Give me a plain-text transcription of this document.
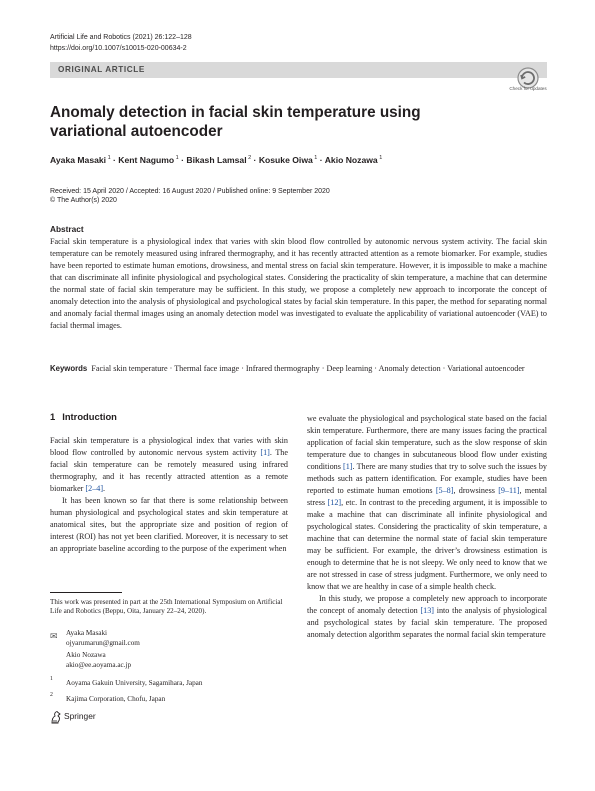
Artificial Life and Robotics (2021) 26:122–128
https://doi.org/10.1007/s10015-020-00634-2
ORIGINAL ARTICLE
Check for updates
Anomaly detection in facial skin temperature using variational autoencoder
Ayaka Masaki $^1$ · Kent Nagumo $^1$ · Bikash Lamsal $^2$ · Kosuke Oiwa $^1$ · Akio Nozawa $^1$
Received: 15 April 2020 / Accepted: 16 August 2020 / Published online: 9 September 2020
© The Author(s) 2020
Abstract
Facial skin temperature is a physiological index that varies with skin blood flow controlled by autonomic nervous system activity. The facial skin temperature can be remotely measured using infrared thermography, and it has recently attracted attention as a remote biomarker. For example, studies have been reported to estimate human emotions, drowsiness, and mental stress on facial skin temperature. However, it is impossible to make a machine that can discriminate all infinite physiological and psychological states. Considering the practicality of skin temperature, a machine that can determine the normal state of facial skin temperature may be sufficient. In this study, we propose a completely new approach to incorporate the concept of anomaly detection into the analysis of physiological and psychological states by facial skin temperature. In this paper, the method for separating normal and anomaly facial thermal images using an anomaly detection model was investigated to evaluate the applicability of variational autoencoder (VAE) to facial thermal images.
Keywords Facial skin temperature · Thermal face image · Infrared thermography · Deep learning · Anomaly detection · Variational autoencoder
1 Introduction

Facial skin temperature is a physiological index that varies with skin blood flow controlled by autonomic nervous system activity [1]. The facial skin temperature can be remotely measured using infrared thermography, and it has recently attracted attention as a remote biomarker [2–4].

It has been known so far that there is some relationship between human physiological and psychological states and skin temperature at anatomical sites, but the appropriate size and position of region of interest (ROI) has not yet been clarified. Moreover, it is necessary to set an appropriate baseline according to the purpose of the experiment when

we evaluate the physiological and psychological state based on the facial skin temperature. Furthermore, there are many issues facing the practical application of facial skin temperature, such as the slow response of skin temperature due to changes in subcutaneous blood flow under existing conditions [1]. There are many studies that try to solve such the issues by methods such as pattern identification. For example, studies have been reported to estimate human emotions [5–8], drowsiness [9–11], mental stress [12], etc. In contrast to the preceding argument, it is impossible to make a machine that can discriminate all infinite physiological and psychological states. Considering the practicality of skin temperature, a machine that can determine the normal state of facial skin temperature may be sufficient. For example, the driver’s drowsiness estimation is enough to determine that he is not sleepy. We only need to know that we are not stressed in case of stress judgment. Furthermore, we only need to know that we are healthy in case of a simple health check.

In this study, we propose a completely new approach to incorporate the concept of anomaly detection [13] into the analysis of physiological and psychological states by facial skin temperature. The proposed anomaly detection algorithm separates the normal facial skin temperature

This work was presented in part at the 25th International Symposium on Artificial Life and Robotics (Beppu, Oita, January 22–24, 2020).
✉ Ayaka Masaki
ojyarumarun@gmail.com
Akio Nozawa
akio@ee.aoyama.ac.jp
1 Aoyama Gakuin University, Sagamihara, Japan
2 Kajima Corporation, Chofu, Japan
Springer
